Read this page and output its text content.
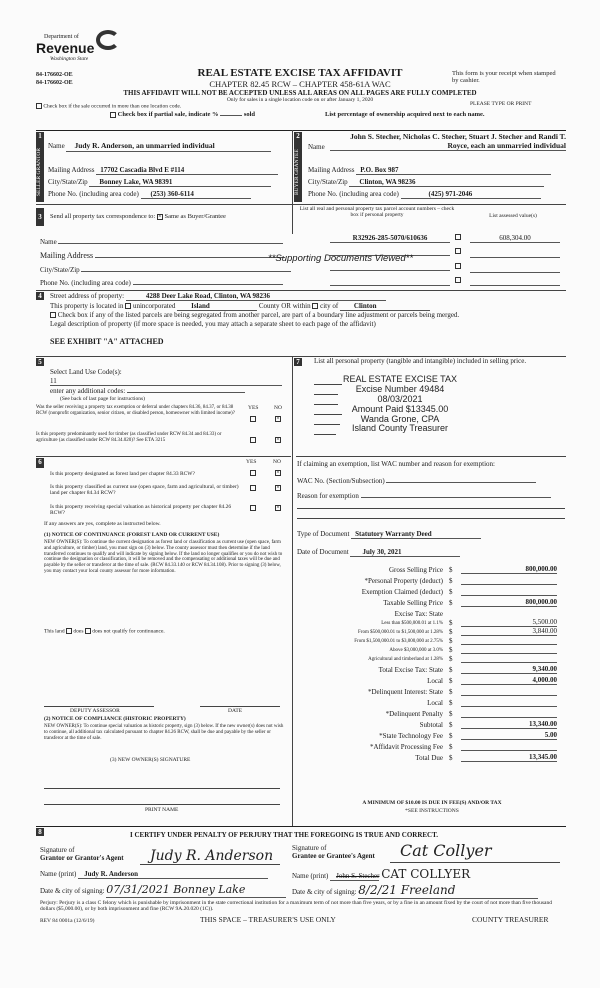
Department of
Revenue
Washington State
84-176602-OE
84-176602-OE
REAL ESTATE EXCISE TAX AFFIDAVIT
CHAPTER 82.45 RCW – CHAPTER 458-61A WAC
THIS AFFIDAVIT WILL NOT BE ACCEPTED UNLESS ALL AREAS ON ALL PAGES ARE FULLY COMPLETED
Only for sales in a single location code on or after January 1, 2020
This form is your receipt when stamped by cashier.
PLEASE TYPE OR PRINT
Check box if the sale occurred in more than one location code.
Check box if partial sale, indicate %	sold	List percentage of ownership acquired next to each name.
1
SELLER GRANTOR
Name Judy R. Anderson, an unmarried individual
Mailing Address 17702 Cascadia Blvd E #114
City/State/Zip Bonney Lake, WA 98391
Phone No. (including area code) (253) 360-6114
2
BUYER GRANTEE
Name
John S. Stecher, Nicholas C. Stecher, Stuart J. Stecher and Randi T. Royce, each an unmarried individual
Mailing Address P.O. Box 987
City/State/Zip Clinton, WA 98236
Phone No. (including area code)	(425) 971-2046
3	Send all property tax correspondence to: × Same as Buyer/Grantee
List all real and personal property tax parcel account numbers – check box if personal property	List assessed value(s)
R32926-285-5070/610636	608,304.00
Name
Mailing Address
City/State/Zip
Phone No. (including area code)
**Supporting Documents Viewed**
4	Street address of property:	4288 Deer Lake Road, Clinton, WA 98236
This property is located in unincorporated Island	County OR within city of Clinton
Check box if any of the listed parcels are being segregated from another parcel, are part of a boundary line adjustment or parcels being merged.
Legal description of property (if more space is needed, you may attach a separate sheet to each page of the affidavit)
SEE EXHIBIT "A" ATTACHED
5
Select Land Use Code(s):
11
enter any additional codes:
(See back of last page for instructions)
YES	NO
Was the seller receiving a property tax exemption or deferral under chapters 84.36, 84.37, or 84.38 RCW (nonprofit organization, senior citizen, or disabled person, homeowner with limited income)?
×
Is this property predominantly used for timber (as classified under RCW 84.34 and 84.33) or agriculture (as classified under RCW 84.34.020)? See ETA 3215	×
6	YES	NO
Is this property designated as forest land per chapter 84.33 RCW?	×
Is this property classified as current use (open space, farm and agricultural, or timber) land per chapter 84.34 RCW?
×
Is this property receiving special valuation as historical property per chapter 84.26 RCW?
×
If any answers are yes, complete as instructed below.
(1) NOTICE OF CONTINUANCE (FOREST LAND OR CURRENT USE)
NEW OWNER(S): To continue the current designation as forest land or classification as current use (open space, farm and agriculture, or timber) land, you must sign on (3) below. The county assessor must then determine if the land transferred continues to qualify and will indicate by signing below. If the land no longer qualifies or you do not wish to continue the designation or classification, it will be removed and the compensating or additional taxes will be due and payable by the seller or transferor at the time of sale. (RCW 84.33.140 or RCW 84.34.108). Prior to signing (3) below, you may contact your local county assessor for more information.
This land does does not qualify for continuance.
DEPUTY ASSESSOR	DATE
(2) NOTICE OF COMPLIANCE (HISTORIC PROPERTY)
NEW OWNER(S): To continue special valuation as historic property, sign (3) below. If the new owner(s) does not wish to continue, all additional tax calculated pursuant to chapter 84.26 RCW, shall be due and payable by the seller or transferor at the time of sale.
(3) NEW OWNER(S) SIGNATURE
PRINT NAME
7	List all personal property (tangible and intangible) included in selling price.
REAL ESTATE EXCISE TAX
Excise Number 49484
08/03/2021
Amount Paid $13345.00
Wanda Grone, CPA
Island County Treasurer
If claiming an exemption, list WAC number and reason for exemption:
WAC No. (Section/Subsection)
Reason for exemption
Type of Document Statutory Warranty Deed
Date of Document July 30, 2021
Gross Selling Price $	800,000.00
*Personal Property (deduct) $
Exemption Claimed (deduct) $
Taxable Selling Price $	800,000.00
Excise Tax: State
Less than $500,000.01 at 1.1% $	5,500.00
From $500,000.01 to $1,500,000 at 1.28% $	3,840.00
From $1,500,000.01 to $3,000,000 at 2.75% $
Above $3,000,000 at 3.0% $
Agricultural and timberland at 1.28% $
Total Excise Tax: State $	9,340.00
Local $	4,000.00
*Delinquent Interest: State $
Local $
*Delinquent Penalty $
Subtotal $	13,340.00
*State Technology Fee $	5.00
*Affidavit Processing Fee $
Total Due $	13,345.00
A MINIMUM OF $10.00 IS DUE IN FEE(S) AND/OR TAX
*SEE INSTRUCTIONS
8	I CERTIFY UNDER PENALTY OF PERJURY THAT THE FOREGOING IS TRUE AND CORRECT.
Signature of
Grantor or Grantor's Agent Judy R. Anderson
Name (print) Judy R. Anderson
Date & city of signing: 07/31/2021 Bonney Lake
Signature of
Grantee or Grantee's Agent Cat Collyer
Name (print) John S. Stecher CAT COLLYER
Date & city of signing: 8/2/21 Freeland
Perjury: Perjury is a class C felony which is punishable by imprisonment in the state correctional institution for a maximum term of not more than five years, or by a fine in an amount fixed by the court of not more than five thousand dollars ($5,000.00), or by both imprisonment and fine (RCW 9A.20.020 (1C)).
REV 84 0001a (12/6/19)	THIS SPACE – TREASURER'S USE ONLY	COUNTY TREASURER
